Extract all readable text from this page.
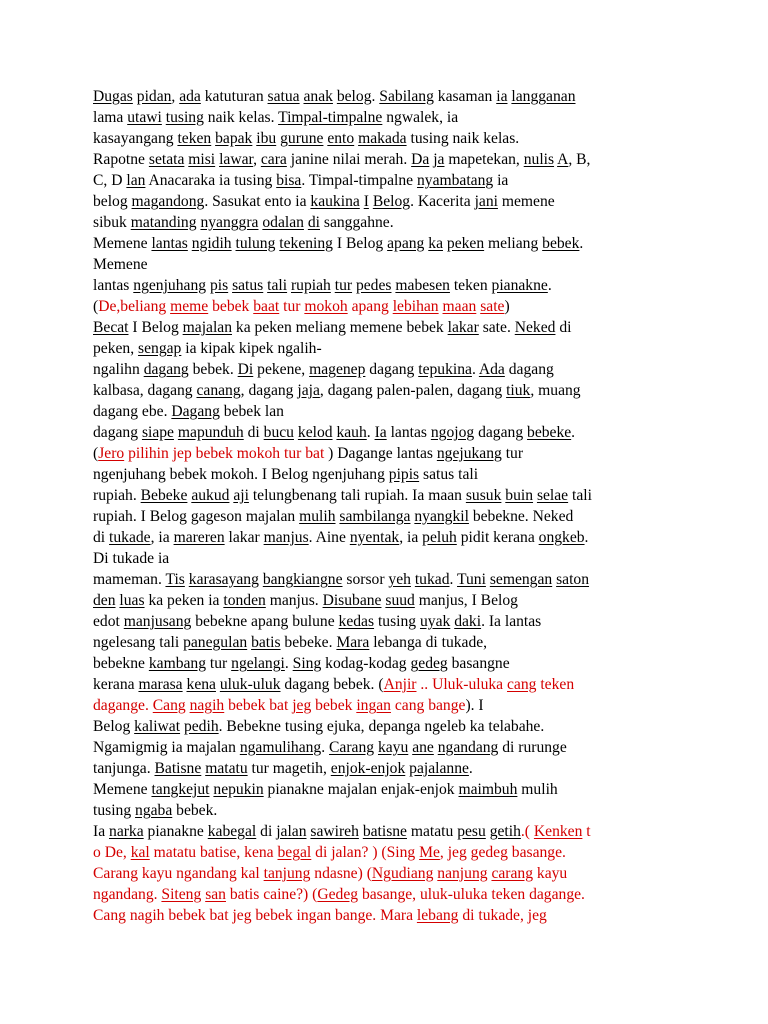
Dugas pidan, ada katuturan satua anak belog. Sabilang kasaman ia langganan
lama utawi tusing naik kelas. Timpal-timpalne ngwalek, ia
kasayangang teken bapak ibu gurune ento makada tusing naik kelas.
Rapotne setata misi lawar, cara janine nilai merah. Da ja mapetekan, nulis A, B,
C, D lan Anacaraka ia tusing bisa. Timpal-timpalne nyambatang ia
belog magandong. Sasukat ento ia kaukina I Belog. Kacerita jani memene
sibuk matanding nyanggra odalan di sanggahne.
Memene lantas ngidih tulung tekening I Belog apang ka peken meliang bebek.
Memene
lantas ngenjuhang pis satus tali rupiah tur pedes mabesen teken pianakne.
(De,beliang meme bebek baat tur mokoh apang lebihan maan sate)
Becat I Belog majalan ka peken meliang memene bebek lakar sate. Neked di
peken, sengap ia kipak kipek ngalih-
ngalihn dagang bebek. Di pekene, magenep dagang tepukina. Ada dagang
kalbasa, dagang canang, dagang jaja, dagang palen-palen, dagang tiuk, muang
dagang ebe. Dagang bebek lan
dagang siape mapunduh di bucu kelod kauh. Ia lantas ngojog dagang bebeke.
(Jero pilihin jep bebek mokoh tur bat ) Dagange lantas ngejukang tur
ngenjuhang bebek mokoh. I Belog ngenjuhang pipis satus tali
rupiah. Bebeke aukud aji telungbenang tali rupiah. Ia maan susuk buin selae tali
rupiah. I Belog gageson majalan mulih sambilanga nyangkil bebekne. Neked
di tukade, ia mareren lakar manjus. Aine nyentak, ia peluh pidit kerana ongkeb.
Di tukade ia
mameman. Tis karasayang bangkiangne sorsor yeh tukad. Tuni semengan saton
den luas ka peken ia tonden manjus. Disubane suud manjus, I Belog
edot manjusang bebekne apang bulune kedas tusing uyak daki. Ia lantas
ngelesang tali panegulan batis bebeke. Mara lebanga di tukade,
bebekne kambang tur ngelangi. Sing kodag-kodag gedeg basangne
kerana marasa kena uluk-uluk dagang bebek. (Anjir .. Uluk-uluka cang teken
dagange. Cang nagih bebek bat jeg bebek ingan cang bange). I
Belog kaliwat pedih. Bebekne tusing ejuka, depanga ngeleb ka telabahe.
Ngamigmig ia majalan ngamulihang. Carang kayu ane ngandang di rurunge
tanjunga. Batisne matatu tur magetih, enjok-enjok pajalanne.
Memene tangkejut nepukin pianakne majalan enjak-enjok maimbuh mulih
tusing ngaba bebek.
Ia narka pianakne kabegal di jalan sawireh batisne matatu pesu getih.( Kenken t
o De, kal matatu batise, kena begal di jalan? ) (Sing Me, jeg gedeg basange.
Carang kayu ngandang kal tanjung ndasne) (Ngudiang nanjung carang kayu
ngandang. Siteng san batis caine?) (Gedeg basange, uluk-uluka teken dagange.
Cang nagih bebek bat jeg bebek ingan bange. Mara lebang di tukade, jeg
